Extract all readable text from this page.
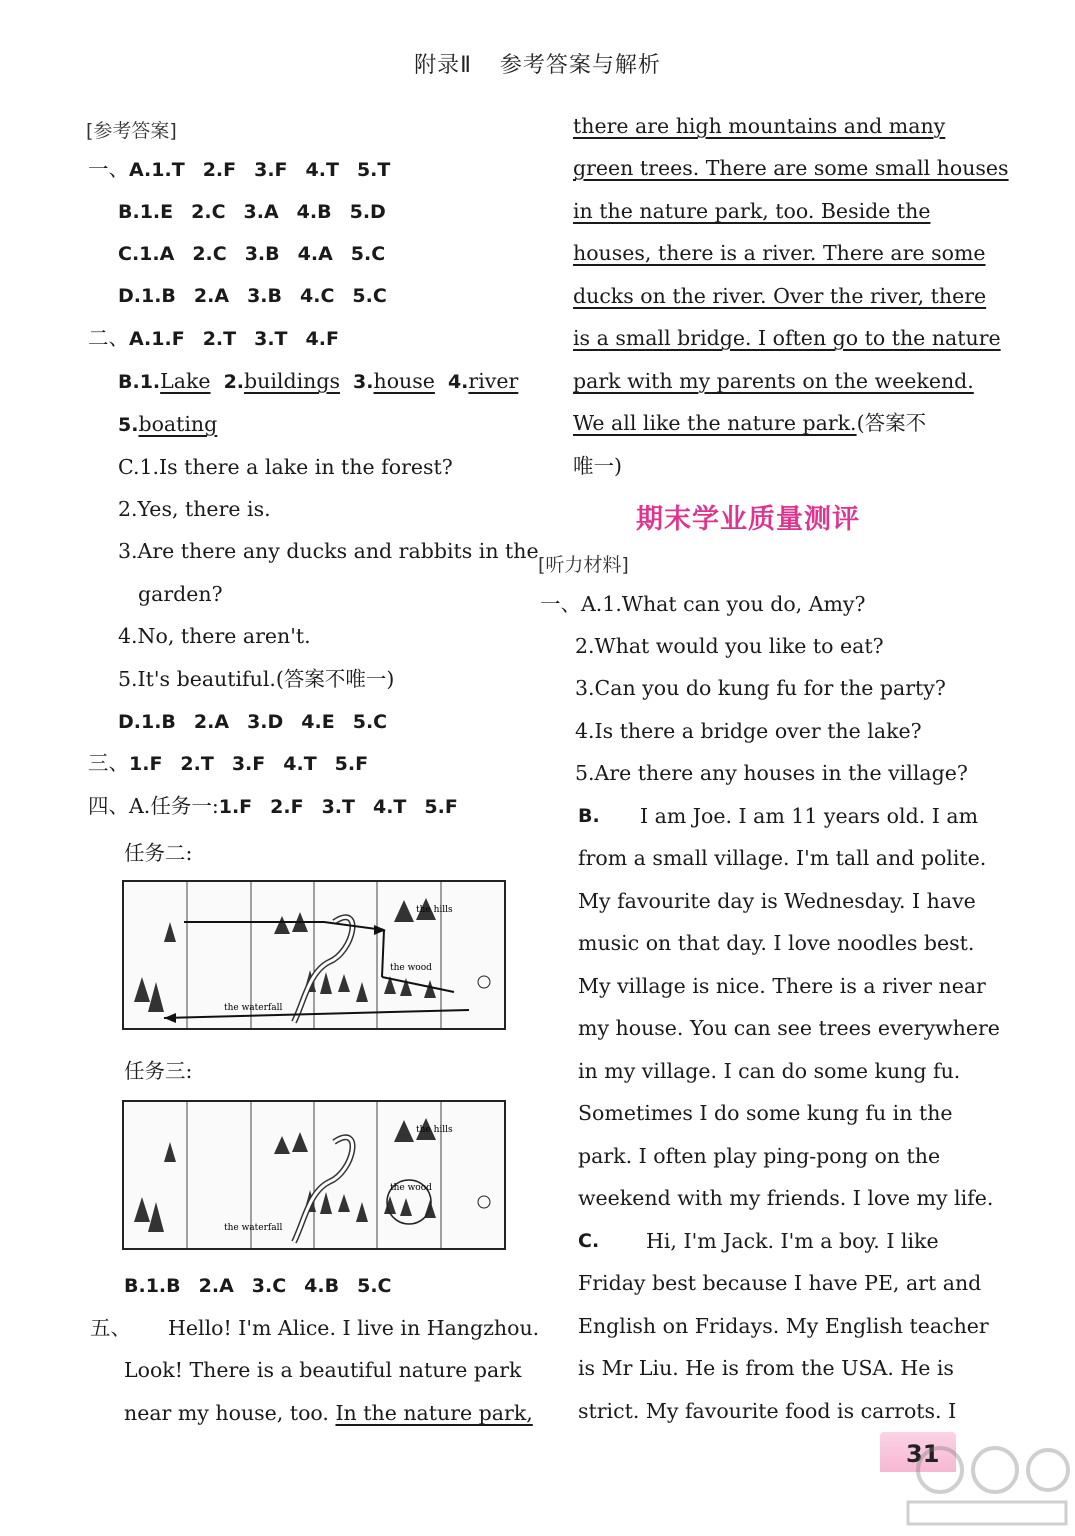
附录Ⅱ 参考答案与解析
[参考答案]
一、A.1.T 2.F 3.F 4.T 5.T
B.1.E 2.C 3.A 4.B 5.D
C.1.A 2.C 3.B 4.A 5.C
D.1.B 2.A 3.B 4.C 5.C
二、A.1.F 2.T 3.T 4.F
B.1.Lake 2.buildings 3.house 4.river
5.boating
C.1.Is there a lake in the forest?
2.Yes, there is.
3.Are there any ducks and rabbits in the
garden?
4.No, there aren't.
5.It's beautiful.(答案不唯一)
D.1.B 2.A 3.D 4.E 5.C
三、1.F 2.T 3.F 4.T 5.F
四、A.任务一:1.F 2.F 3.T 4.T 5.F
任务二:
the hills
the wood
the waterfall
任务三:
the hills
the wood
the waterfall
B.1.B 2.A 3.C 4.B 5.C
五、 Hello! I'm Alice. I live in Hangzhou.
Look! There is a beautiful nature park
near my house, too. In the nature park,
there are high mountains and many
green trees. There are some small houses
in the nature park, too. Beside the
houses, there is a river. There are some
ducks on the river. Over the river, there
is a small bridge. I often go to the nature
park with my parents on the weekend.
We all like the nature park.(答案不
唯一)
期末学业质量测评
[听力材料]
一、A.1.What can you do, Amy?
2.What would you like to eat?
3.Can you do kung fu for the party?
4.Is there a bridge over the lake?
5.Are there any houses in the village?
B. I am Joe. I am 11 years old. I am
from a small village. I'm tall and polite.
My favourite day is Wednesday. I have
music on that day. I love noodles best.
My village is nice. There is a river near
my house. You can see trees everywhere
in my village. I can do some kung fu.
Sometimes I do some kung fu in the
park. I often play ping-pong on the
weekend with my friends. I love my life.
C. Hi, I'm Jack. I'm a boy. I like
Friday best because I have PE, art and
English on Fridays. My English teacher
is Mr Liu. He is from the USA. He is
strict. My favourite food is carrots. I
31
